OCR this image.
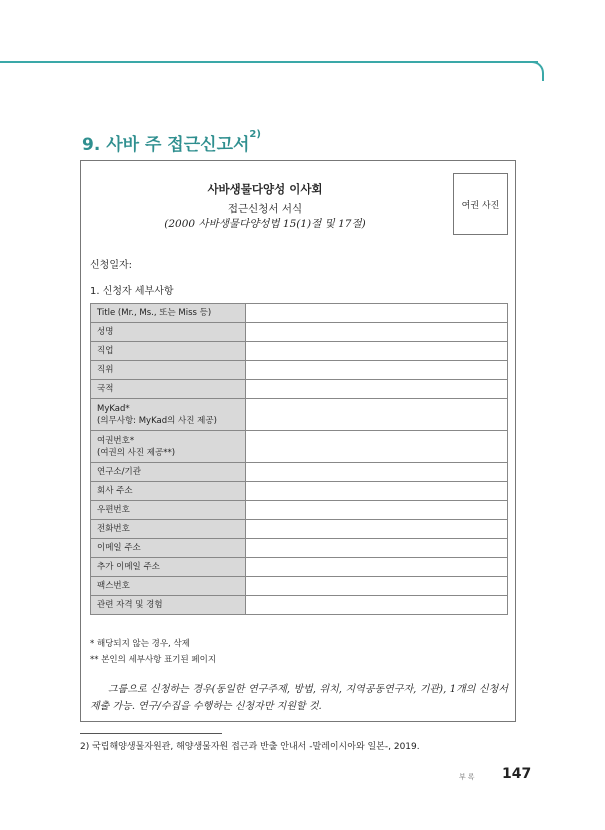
9. 사바 주 접근신고서$^{2)}$
사바생물다양성 이사회
접근신청서 서식
(2000 사바생물다양성법 15(1)절 및 17절)
여권 사진
신청일자:
1. 신청자 세부사항
Title (Mr., Ms., 또는 Miss 등)	
성명	
직업	
직위	
국적	
MyKad*
(의무사항: MyKad의 사진 제공)	
여권번호*
(여권의 사진 제공**)	
연구소/기관	
회사 주소	
우편번호	
전화번호	
이메일 주소	
추가 이메일 주소	
팩스번호	
관련 자격 및 경험	
* 해당되지 않는 경우, 삭제
** 본인의 세부사항 표기된 페이지
그룹으로 신청하는 경우(동일한 연구주제, 방법, 위치, 지역공동연구자, 기관), 1개의 신청서 제출 가능. 연구/수집을 수행하는 신청자만 지원할 것.
2) 국립해양생물자원관, 해양생물자원 접근과 반출 안내서 -말레이시아와 일본-, 2019.
부록 147
